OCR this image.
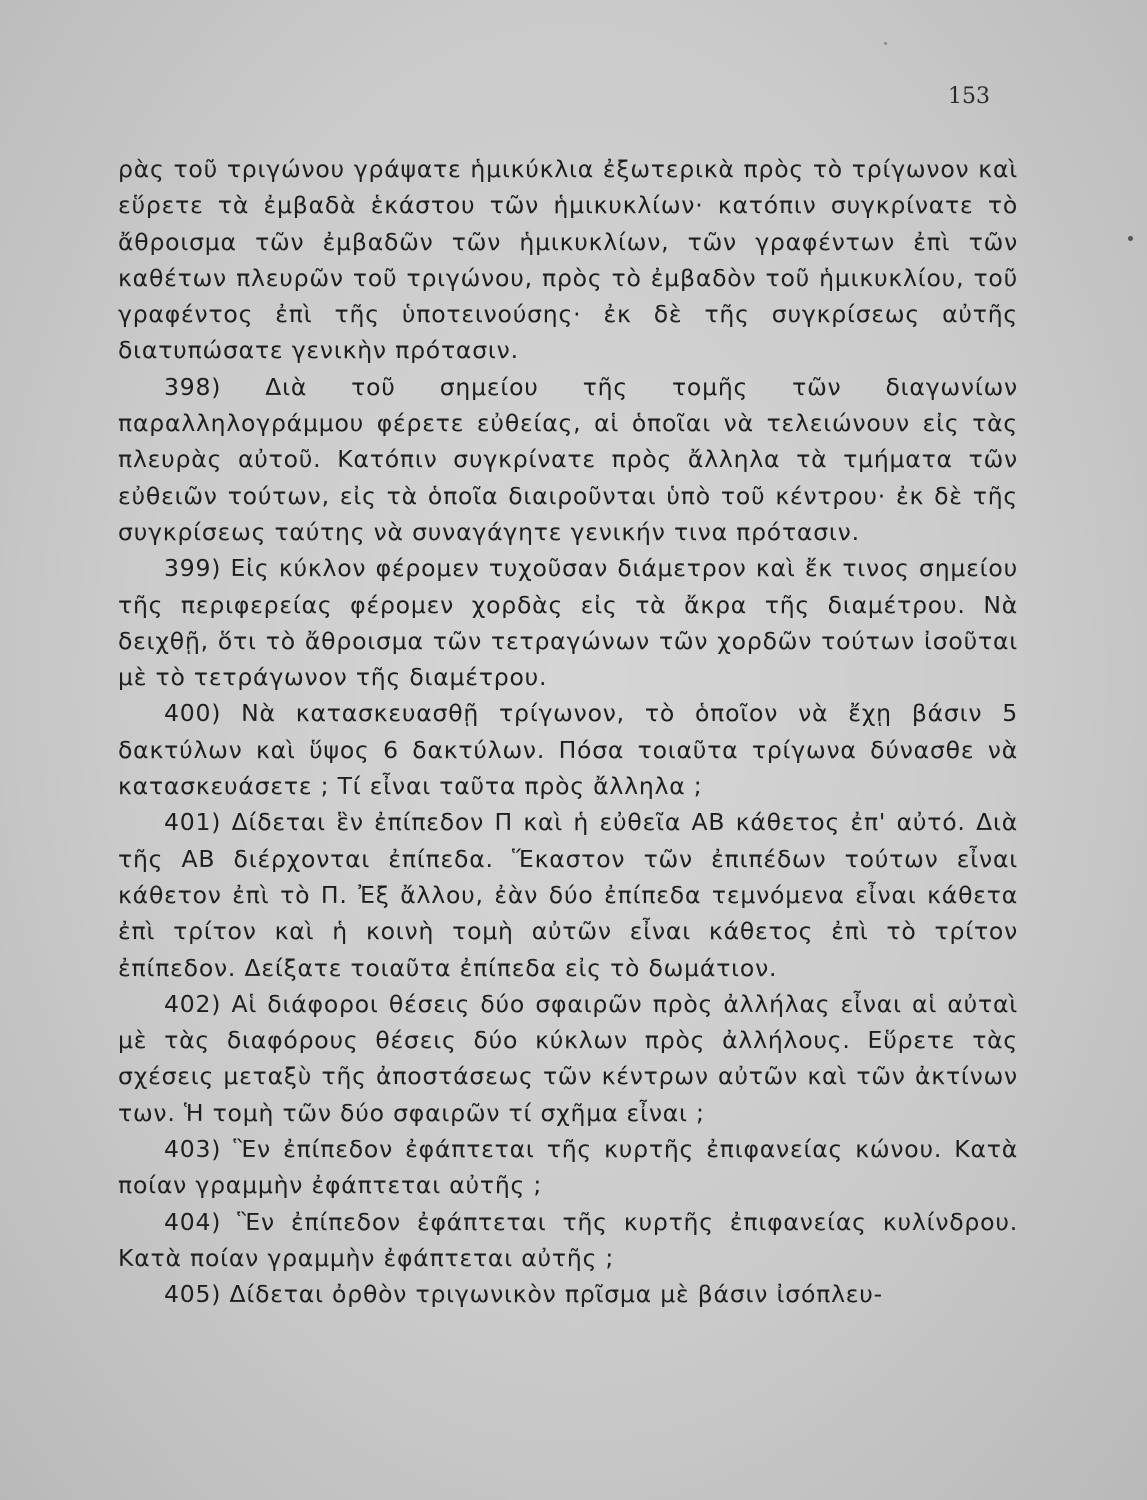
153

ρὰς τοῦ τριγώνου γράψατε ἡμικύκλια ἐξωτερικὰ πρὸς τὸ τρίγωνον καὶ εὕρετε τὰ ἐμβαδὰ ἑκάστου τῶν ἡμικυκλίων· κατόπιν συγκρίνατε τὸ ἄθροισμα τῶν ἐμβαδῶν τῶν ἡμικυκλίων, τῶν γραφέντων ἐπὶ τῶν καθέτων πλευρῶν τοῦ τριγώνου, πρὸς τὸ ἐμβαδὸν τοῦ ἡμικυκλίου, τοῦ γραφέντος ἐπὶ τῆς ὑποτεινούσης· ἐκ δὲ τῆς συγκρίσεως αὐτῆς διατυπώσατε γενικὴν πρότασιν.

398) Διὰ τοῦ σημείου τῆς τομῆς τῶν διαγωνίων παραλληλογράμμου φέρετε εὐθείας, αἱ ὁποῖαι νὰ τελειώνουν εἰς τὰς πλευρὰς αὐτοῦ. Κατόπιν συγκρίνατε πρὸς ἄλληλα τὰ τμήματα τῶν εὐθειῶν τούτων, εἰς τὰ ὁποῖα διαιροῦνται ὑπὸ τοῦ κέντρου· ἐκ δὲ τῆς συγκρίσεως ταύτης νὰ συναγάγητε γενικήν τινα πρότασιν.

399) Εἰς κύκλον φέρομεν τυχοῦσαν διάμετρον καὶ ἔκ τινος σημείου τῆς περιφερείας φέρομεν χορδὰς εἰς τὰ ἄκρα τῆς διαμέτρου. Νὰ δειχθῇ, ὅτι τὸ ἄθροισμα τῶν τετραγώνων τῶν χορδῶν τούτων ἰσοῦται μὲ τὸ τετράγωνον τῆς διαμέτρου.

400) Νὰ κατασκευασθῇ τρίγωνον, τὸ ὁποῖον νὰ ἔχῃ βάσιν 5 δακτύλων καὶ ὕψος 6 δακτύλων. Πόσα τοιαῦτα τρίγωνα δύνασθε νὰ κατασκευάσετε ; Τί εἶναι ταῦτα πρὸς ἄλληλα ;

401) Δίδεται ἓν ἐπίπεδον Π καὶ ἡ εὐθεῖα ΑΒ κάθετος ἐπ' αὐτό. Διὰ τῆς ΑΒ διέρχονται ἐπίπεδα. Ἕκαστον τῶν ἐπιπέδων τούτων εἶναι κάθετον ἐπὶ τὸ Π. Ἐξ ἄλλου, ἐὰν δύο ἐπίπεδα τεμνόμενα εἶναι κάθετα ἐπὶ τρίτον καὶ ἡ κοινὴ τομὴ αὐτῶν εἶναι κάθετος ἐπὶ τὸ τρίτον ἐπίπεδον. Δείξατε τοιαῦτα ἐπίπεδα εἰς τὸ δωμάτιον.

402) Αἱ διάφοροι θέσεις δύο σφαιρῶν πρὸς ἀλλήλας εἶναι αἱ αὐταὶ μὲ τὰς διαφόρους θέσεις δύο κύκλων πρὸς ἀλλήλους. Εὕρετε τὰς σχέσεις μεταξὺ τῆς ἀποστάσεως τῶν κέντρων αὐτῶν καὶ τῶν ἀκτίνων των. Ἡ τομὴ τῶν δύο σφαιρῶν τί σχῆμα εἶναι ;

403) Ἓν ἐπίπεδον ἐφάπτεται τῆς κυρτῆς ἐπιφανείας κώνου. Κατὰ ποίαν γραμμὴν ἐφάπτεται αὐτῆς ;

404) Ἓν ἐπίπεδον ἐφάπτεται τῆς κυρτῆς ἐπιφανείας κυλίνδρου. Κατὰ ποίαν γραμμὴν ἐφάπτεται αὐτῆς ;

405) Δίδεται ὀρθὸν τριγωνικὸν πρῖσμα μὲ βάσιν ἰσόπλευ-
